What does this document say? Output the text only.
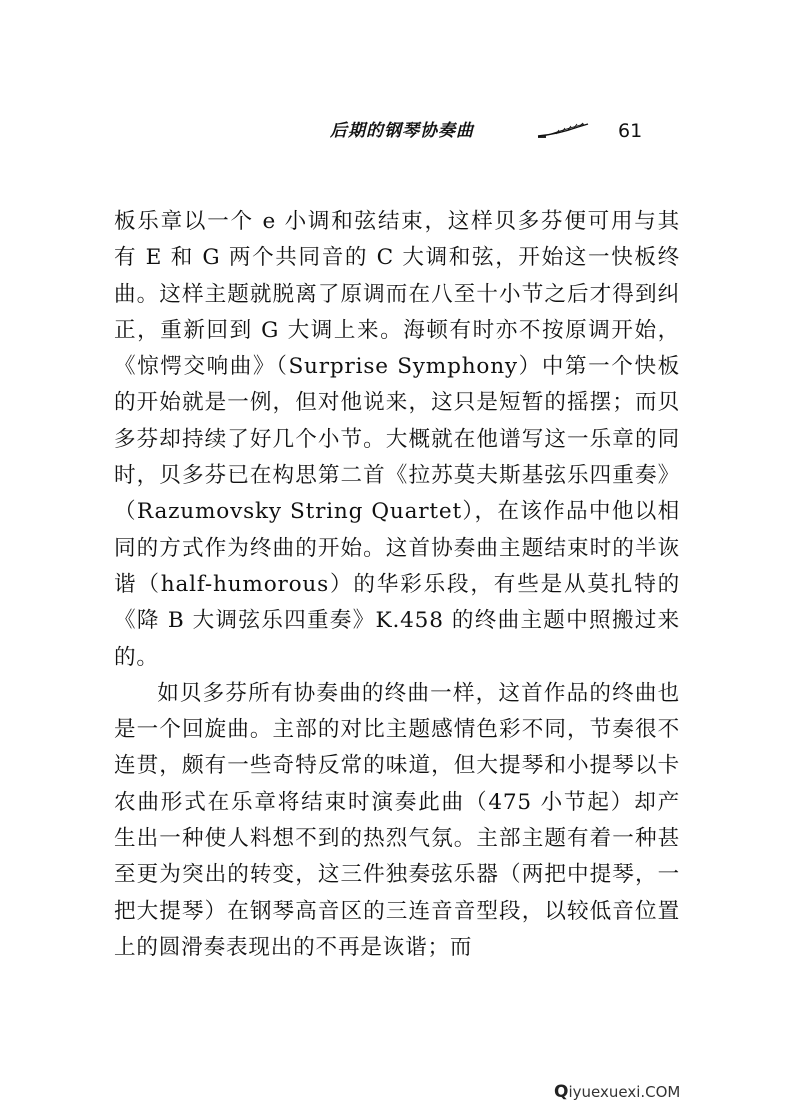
后期的钢琴协奏曲	61

板乐章以一个 e 小调和弦结束，这样贝多芬便可用与其有 E 和 G 两个共同音的 C 大调和弦，开始这一快板终曲。这样主题就脱离了原调而在八至十小节之后才得到纠正，重新回到 G 大调上来。海顿有时亦不按原调开始，《惊愕交响曲》（Surprise Symphony）中第一个快板的开始就是一例，但对他说来，这只是短暂的摇摆；而贝多芬却持续了好几个小节。大概就在他谱写这一乐章的同时，贝多芬已在构思第二首《拉苏莫夫斯基弦乐四重奏》（Razumovsky String Quartet），在该作品中他以相同的方式作为终曲的开始。这首协奏曲主题结束时的半诙谐（half-humorous）的华彩乐段，有些是从莫扎特的《降 B 大调弦乐四重奏》K.458 的终曲主题中照搬过来的。

如贝多芬所有协奏曲的终曲一样，这首作品的终曲也是一个回旋曲。主部的对比主题感情色彩不同，节奏很不连贯，颇有一些奇特反常的味道，但大提琴和小提琴以卡农曲形式在乐章将结束时演奏此曲（475 小节起）却产生出一种使人料想不到的热烈气氛。主部主题有着一种甚至更为突出的转变，这三件独奏弦乐器（两把中提琴，一把大提琴）在钢琴高音区的三连音音型段，以较低音位置上的圆滑奏表现出的不再是诙谐；而

Qiyuexuexi.COM
